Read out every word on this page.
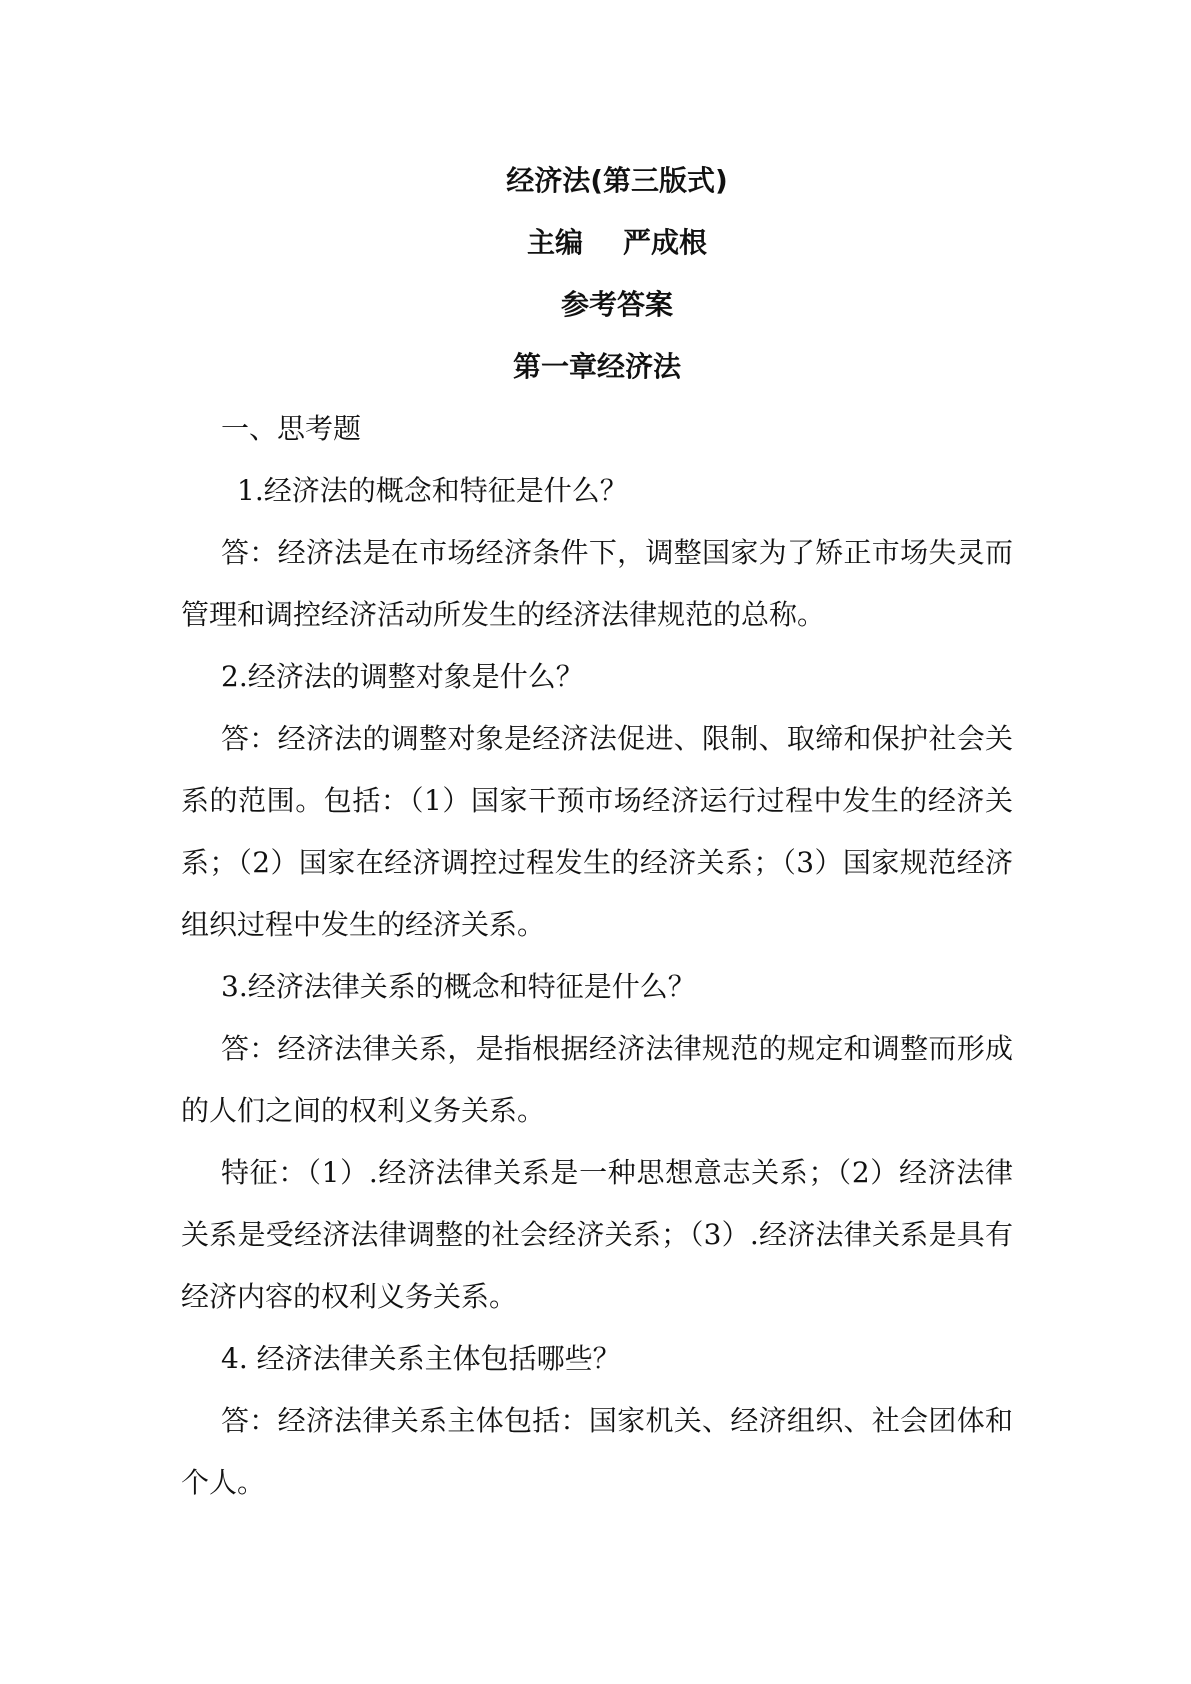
经济法(第三版式)
主编 严成根
参考答案
第一章经济法

一、思考题

1.经济法的概念和特征是什么？

答：经济法是在市场经济条件下，调整国家为了矫正市场失灵而管理和调控经济活动所发生的经济法律规范的总称。

2.经济法的调整对象是什么？

答：经济法的调整对象是经济法促进、限制、取缔和保护社会关系的范围。包括：（1）国家干预市场经济运行过程中发生的经济关系；（2）国家在经济调控过程发生的经济关系；（3）国家规范经济组织过程中发生的经济关系。

3.经济法律关系的概念和特征是什么？

答：经济法律关系，是指根据经济法律规范的规定和调整而形成的人们之间的权利义务关系。

特征：（1）.经济法律关系是一种思想意志关系；（2）经济法律关系是受经济法律调整的社会经济关系；（3）.经济法律关系是具有经济内容的权利义务关系。

4. 经济法律关系主体包括哪些？

答：经济法律关系主体包括：国家机关、经济组织、社会团体和个人。
